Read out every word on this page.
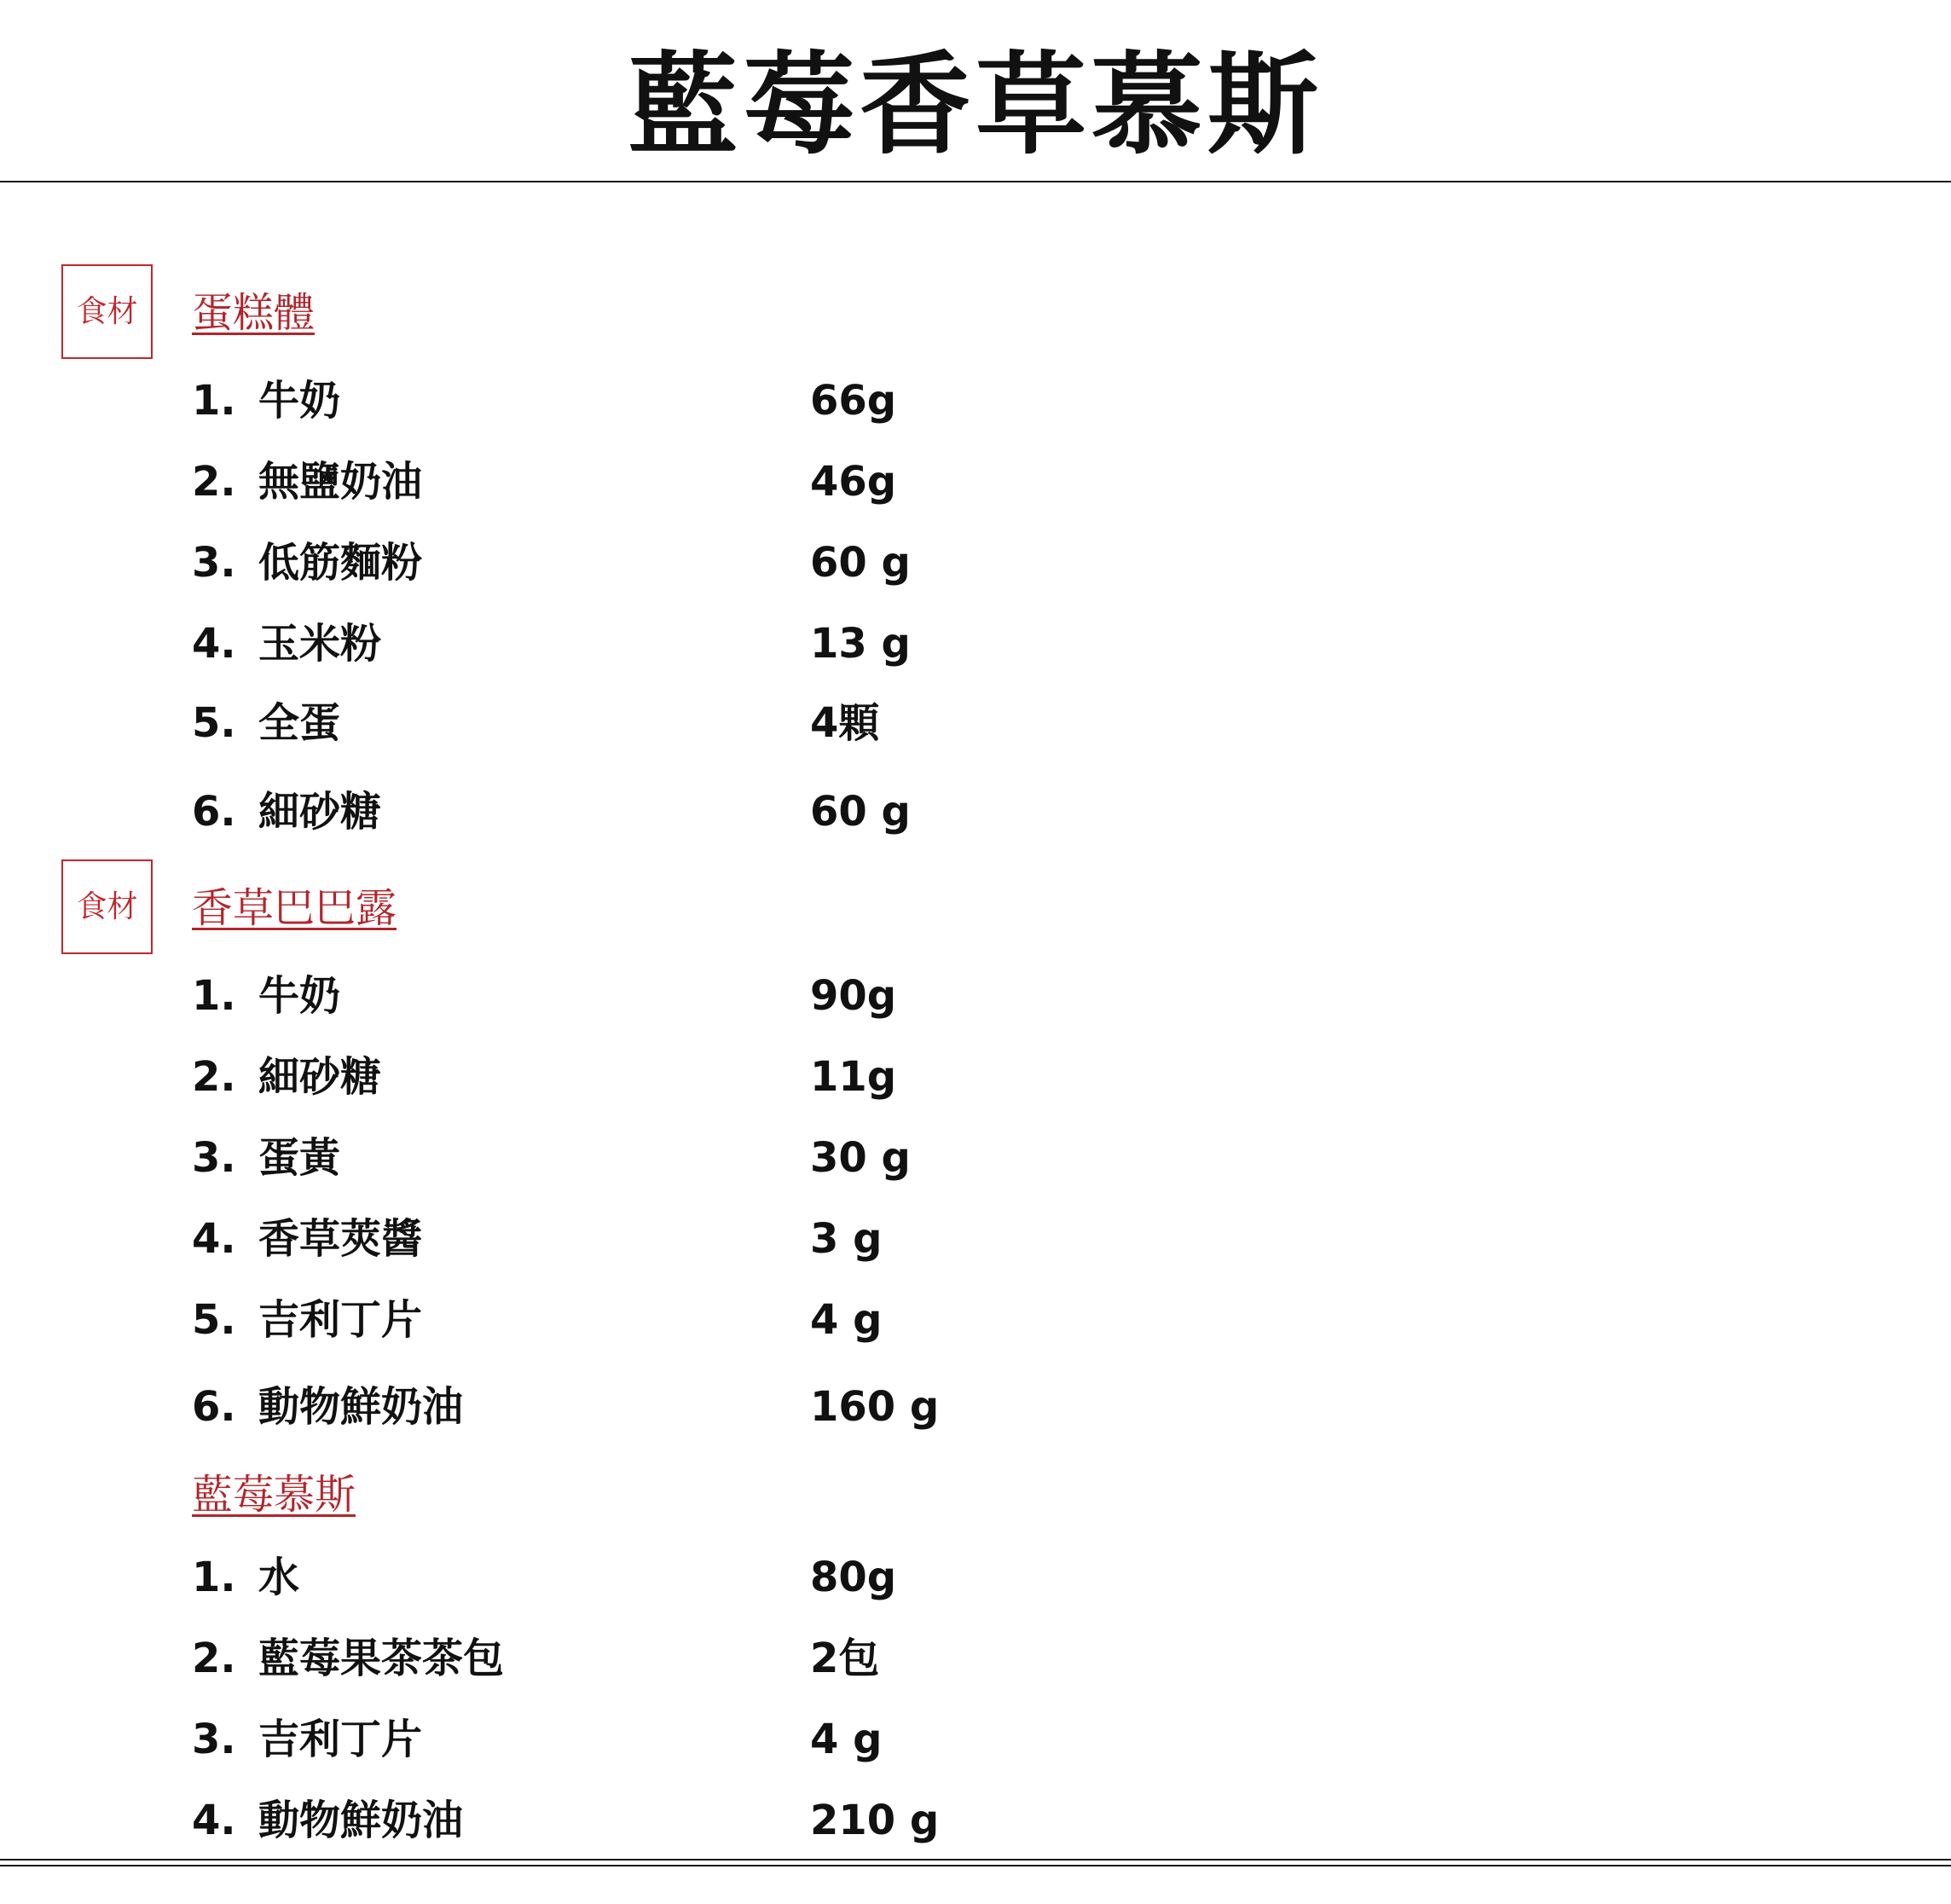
藍莓香草慕斯
食材	蛋糕體
1. 牛奶	66g
2. 無鹽奶油	46g
3. 低筋麵粉	60 g
4. 玉米粉	13 g
5. 全蛋	4顆
6. 細砂糖	60 g
食材	香草巴巴露
1. 牛奶	90g
2. 細砂糖	11g
3. 蛋黃	30 g
4. 香草莢醬	3 g
5. 吉利丁片	4 g
6. 動物鮮奶油	160 g
藍莓慕斯
1. 水	80g
2. 藍莓果茶茶包	2包
3. 吉利丁片	4 g
4. 動物鮮奶油	210 g
